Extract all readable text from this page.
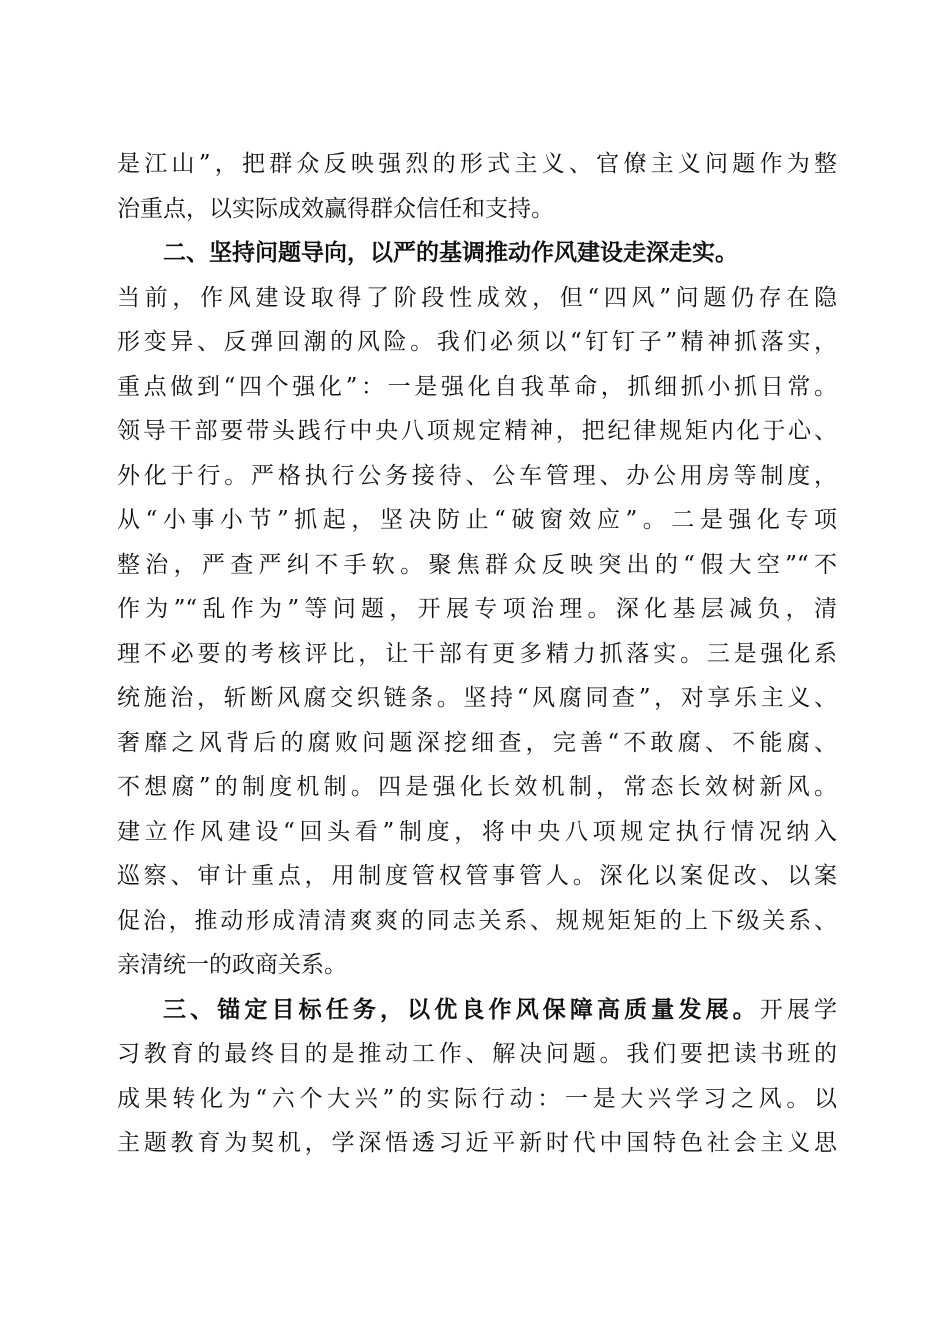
是江山”，把群众反映强烈的形式主义、官僚主义问题作为整
治重点，以实际成效赢得群众信任和支持。
二、坚持问题导向，以严的基调推动作风建设走深走实。
当前，作风建设取得了阶段性成效，但“四风”问题仍存在隐
形变异、反弹回潮的风险。我们必须以“钉钉子”精神抓落实，
重点做到“四个强化”：一是强化自我革命，抓细抓小抓日常。
领导干部要带头践行中央八项规定精神，把纪律规矩内化于心、
外化于行。严格执行公务接待、公车管理、办公用房等制度，
从“小事小节”抓起，坚决防止“破窗效应”。二是强化专项
整治，严查严纠不手软。聚焦群众反映突出的“假大空”“不
作为”“乱作为”等问题，开展专项治理。深化基层减负，清
理不必要的考核评比，让干部有更多精力抓落实。三是强化系
统施治，斩断风腐交织链条。坚持“风腐同查”，对享乐主义、
奢靡之风背后的腐败问题深挖细查，完善“不敢腐、不能腐、
不想腐”的制度机制。四是强化长效机制，常态长效树新风。
建立作风建设“回头看”制度，将中央八项规定执行情况纳入
巡察、审计重点，用制度管权管事管人。深化以案促改、以案
促治，推动形成清清爽爽的同志关系、规规矩矩的上下级关系、
亲清统一的政商关系。
三、锚定目标任务，以优良作风保障高质量发展。开展学
习教育的最终目的是推动工作、解决问题。我们要把读书班的
成果转化为“六个大兴”的实际行动：一是大兴学习之风。以
主题教育为契机，学深悟透习近平新时代中国特色社会主义思
